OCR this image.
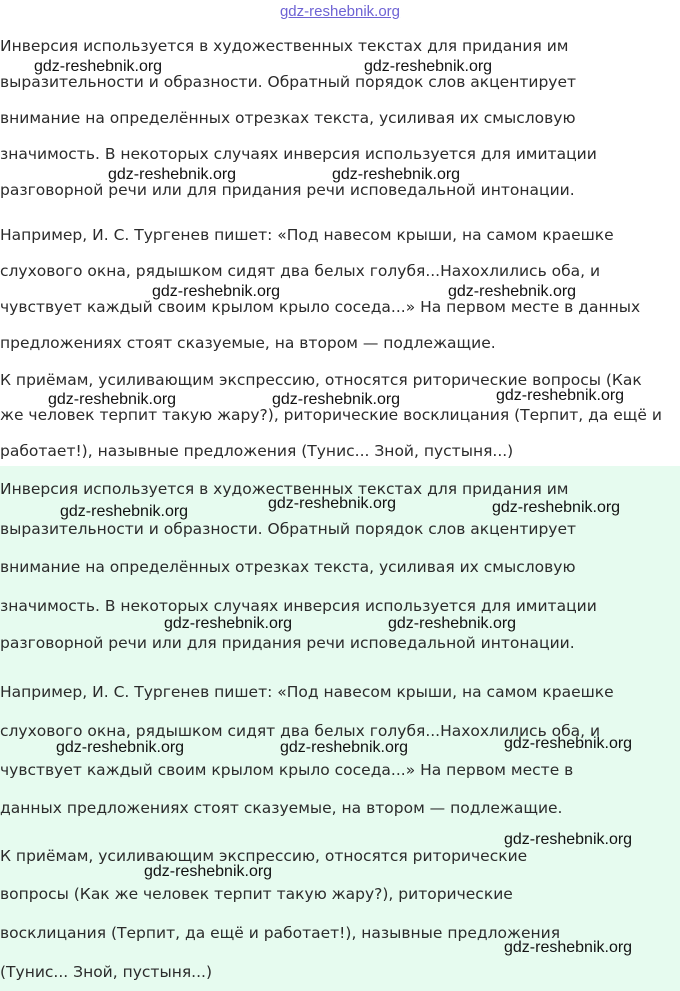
gdz-reshebnik.org

Инверсия используется в художественных текстах для придания им

выразительности и образности. Обратный порядок слов акцентирует

внимание на определённых отрезках текста, усиливая их смысловую

значимость. В некоторых случаях инверсия используется для имитации

разговорной речи или для придания речи исповедальной интонации.

Например, И. С. Тургенев пишет: «Под навесом крыши, на самом краешке

слухового окна, рядышком сидят два белых голубя...Нахохлились оба, и

чувствует каждый своим крылом крыло соседа...» На первом месте в данных

предложениях стоят сказуемые, на втором — подлежащие.

К приёмам, усиливающим экспрессию, относятся риторические вопросы (Как

же человек терпит такую жару?), риторические восклицания (Терпит, да ещё и

работает!), назывные предложения (Тунис... Зной, пустыня...)

Инверсия используется в художественных текстах для придания им

выразительности и образности. Обратный порядок слов акцентирует

внимание на определённых отрезках текста, усиливая их смысловую

значимость. В некоторых случаях инверсия используется для имитации

разговорной речи или для придания речи исповедальной интонации.

Например, И. С. Тургенев пишет: «Под навесом крыши, на самом краешке

слухового окна, рядышком сидят два белых голубя...Нахохлились оба, и

чувствует каждый своим крылом крыло соседа...» На первом месте в

данных предложениях стоят сказуемые, на втором — подлежащие.

К приёмам, усиливающим экспрессию, относятся риторические

вопросы (Как же человек терпит такую жару?), риторические

восклицания (Терпит, да ещё и работает!), назывные предложения

(Тунис... Зной, пустыня...)

gdz-reshebnik.org	gdz-reshebnik.org

gdz-reshebnik.org	gdz-reshebnik.org

gdz-reshebnik.org	gdz-reshebnik.org

gdz-reshebnik.org

gdz-reshebnik.org	gdz-reshebnik.org

gdz-reshebnik.org

gdz-reshebnik.org	gdz-reshebnik.org

gdz-reshebnik.org	gdz-reshebnik.org

gdz-reshebnik.org

gdz-reshebnik.org	gdz-reshebnik.org

gdz-reshebnik.org

gdz-reshebnik.org

gdz-reshebnik.org
